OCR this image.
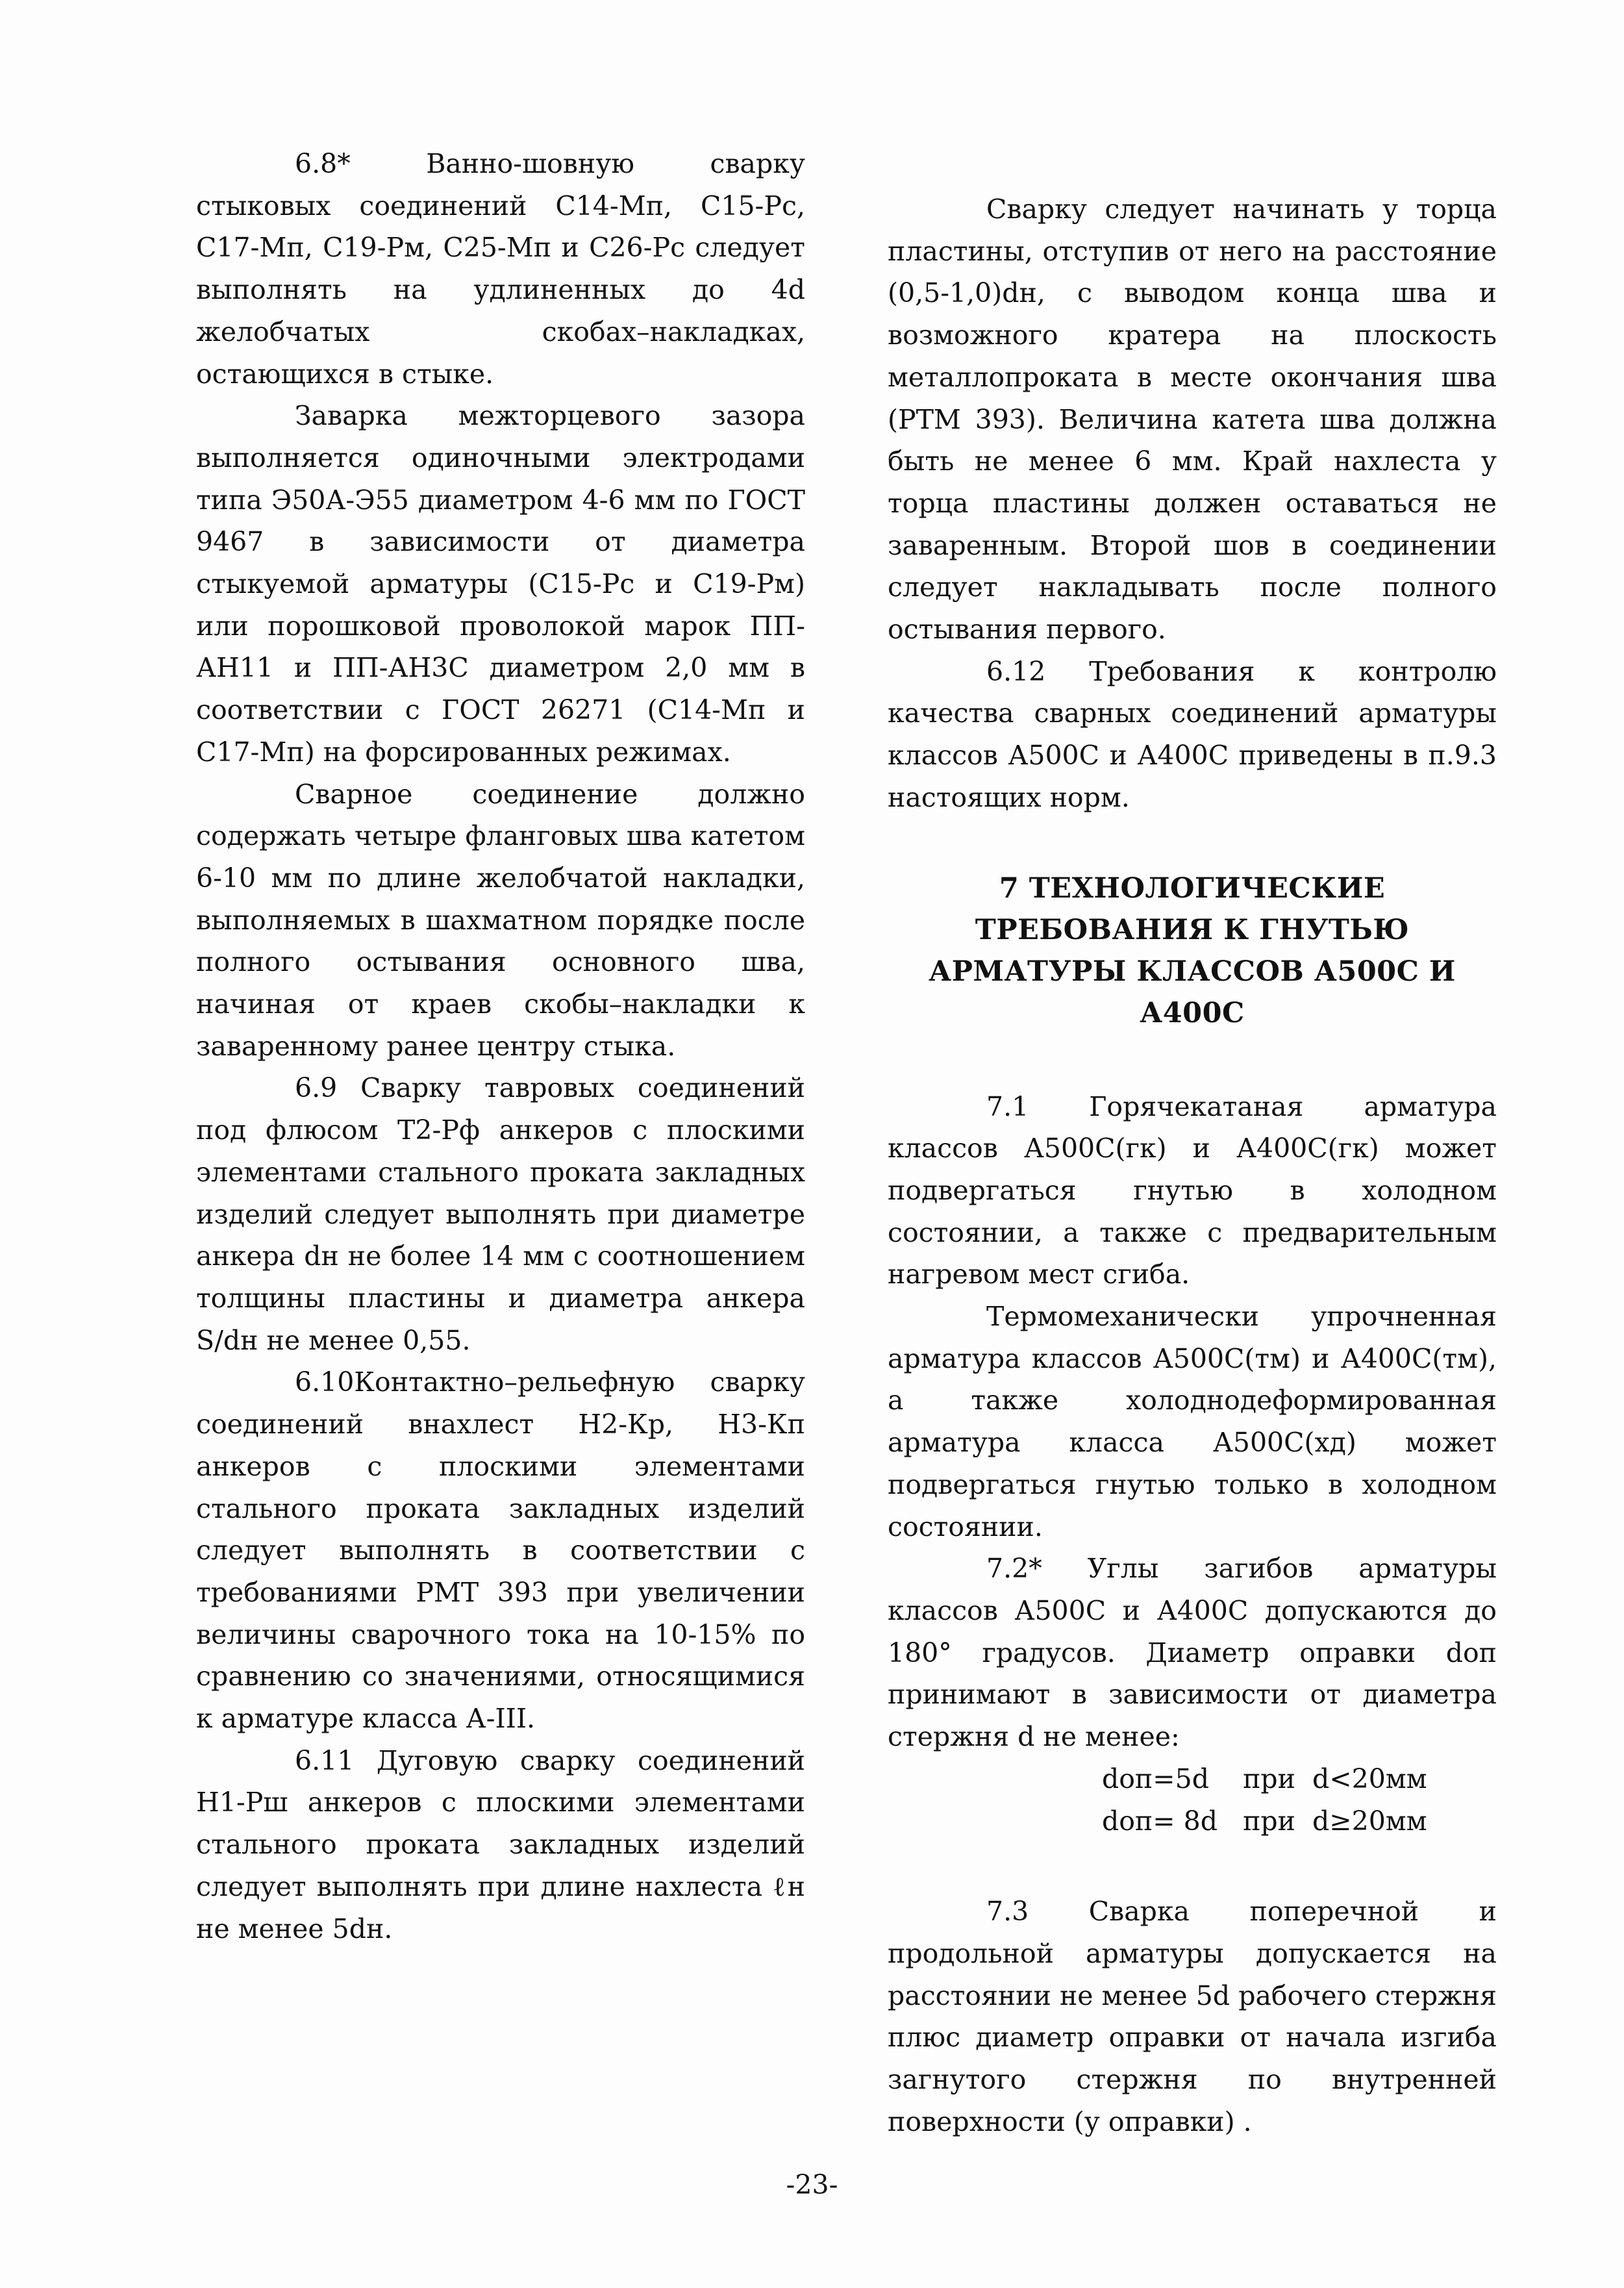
6.8* Ванно-шовную сварку стыковых соединений С14-Мп, С15-Рс, С17-Мп, С19-Рм, С25-Мп и С26-Рс следует выполнять на удлиненных до 4d желобчатых скобах–накладках, остающихся в стыке.

Заварка межторцевого зазора выполняется одиночными электродами типа Э50А-Э55 диаметром 4-6 мм по ГОСТ 9467 в зависимости от диаметра стыкуемой арматуры (С15-Рс и С19-Рм) или порошковой проволокой марок ПП-АН11 и ПП-АН3С диаметром 2,0 мм в соответствии с ГОСТ 26271 (С14-Мп и С17-Мп) на форсированных режимах.

Сварное соединение должно содержать четыре фланговых шва катетом 6-10 мм по длине желобчатой накладки, выполняемых в шахматном порядке после полного остывания основного шва, начиная от краев скобы–накладки к заваренному ранее центру стыка.

6.9 Сварку тавровых соединений под флюсом Т2-Рф анкеров с плоскими элементами стального проката закладных изделий следует выполнять при диаметре анкера dн не более 14 мм с соотношением толщины пластины и диаметра анкера S/dн не менее 0,55.

6.10Контактно–рельефную сварку соединений внахлест Н2-Кр, Н3-Кп анкеров с плоскими элементами стального проката закладных изделий следует выполнять в соответствии с требованиями РМТ 393 при увеличении величины сварочного тока на 10-15% по сравнению со значениями, относящимися к арматуре класса А-III.

6.11 Дуговую сварку соединений Н1-Рш анкеров с плоскими элементами стального проката закладных изделий следует выполнять при длине нахлеста ℓн не менее 5dн.

Сварку следует начинать у торца пластины, отступив от него на расстояние (0,5-1,0)dн, с выводом конца шва и возможного кратера на плоскость металлопроката в месте окончания шва (РТМ 393). Величина катета шва должна быть не менее 6 мм. Край нахлеста у торца пластины должен оставаться не заваренным. Второй шов в соединении следует накладывать после полного остывания первого.

6.12 Требования к контролю качества сварных соединений арматуры классов А500С и А400С приведены в п.9.3 настоящих норм.

7 ТЕХНОЛОГИЧЕСКИЕ ТРЕБОВАНИЯ К ГНУТЬЮ АРМАТУРЫ КЛАССОВ А500С И А400С

7.1 Горячекатаная арматура классов А500С(гк) и А400С(гк) может подвергаться гнутью в холодном состоянии, а также с предварительным нагревом мест сгиба.

Термомеханически упрочненная арматура классов А500С(тм) и А400С(тм), а также холоднодеформированная арматура класса А500С(хд) может подвергаться гнутью только в холодном состоянии.

7.2* Углы загибов арматуры классов А500С и А400С допускаются до 180° градусов. Диаметр оправки dоп принимают в зависимости от диаметра стержня d не менее:

dоп=5d    при  d<20мм

dоп= 8d   при  d≥20мм

7.3 Сварка поперечной и продольной арматуры допускается на расстоянии не менее 5d рабочего стержня плюс диаметр оправки от начала изгиба загнутого стержня по внутренней поверхности (у оправки) .

-23-
